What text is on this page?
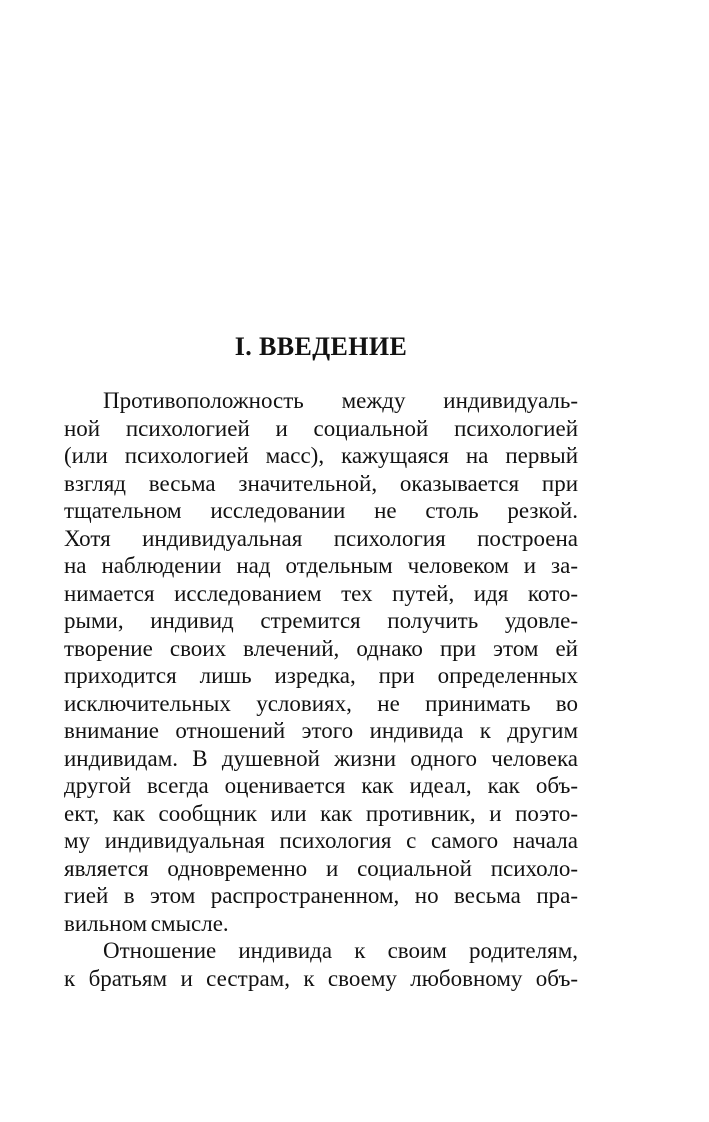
I. ВВЕДЕНИЕ
Противоположность между индивидуаль-
ной психологией и социальной психологией
(или психологией масс), кажущаяся на первый
взгляд весьма значительной, оказывается при
тщательном исследовании не столь резкой.
Хотя индивидуальная психология построена
на наблюдении над отдельным человеком и за-
нимается исследованием тех путей, идя кото-
рыми, индивид стремится получить удовле-
творение своих влечений, однако при этом ей
приходится лишь изредка, при определенных
исключительных условиях, не принимать во
внимание отношений этого индивида к другим
индивидам. В душевной жизни одного человека
другой всегда оценивается как идеал, как объ-
ект, как сообщник или как противник, и поэто-
му индивидуальная психология с самого начала
является одновременно и социальной психоло-
гией в этом распространенном, но весьма пра-
вильном смысле.
Отношение индивида к своим родителям,
к братьям и сестрам, к своему любовному объ-
